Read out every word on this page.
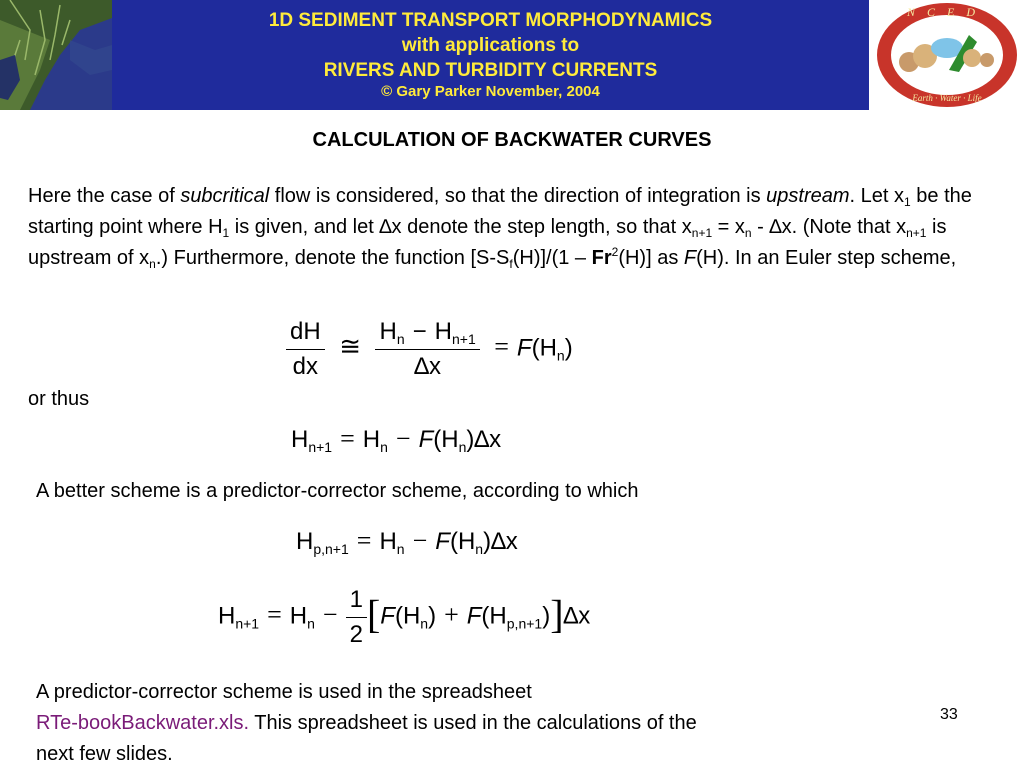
1D SEDIMENT TRANSPORT MORPHODYNAMICS
with applications to
RIVERS AND TURBIDITY CURRENTS
© Gary Parker November, 2004
NCED
Earth · Water · Life
CALCULATION OF BACKWATER CURVES
Here the case of subcritical flow is considered, so that the direction of integration is upstream. Let $x_1$ be the starting point where $H_1$ is given, and let ∆x denote the step length, so that $x_{n+1} = x_n - \Delta x$. (Note that $x_{n+1}$ is upstream of $x_n$.) Furthermore, denote the function $[S-S_f(H)]/(1 - Fr^2(H)]$ as F(H). In an Euler step scheme,
$\frac{dH}{dx}$ ≅ $\frac{H_n - H_{n+1}}{\Delta x} = F(H_n)$
or thus
$H_{n+1} = H_n - F(H_n)\Delta x$
A better scheme is a predictor-corrector scheme, according to which
$H_{p,n+1} = H_n - F(H_n)\Delta x$
$H_{n+1} = H_n - \frac{1}{2} [F(H_n) + F(H_{p,n+1})]\Delta x$
A predictor-corrector scheme is used in the spreadsheet
RTe-bookBackwater.xls. This spreadsheet is used in the calculations of the
next few slides.
33
